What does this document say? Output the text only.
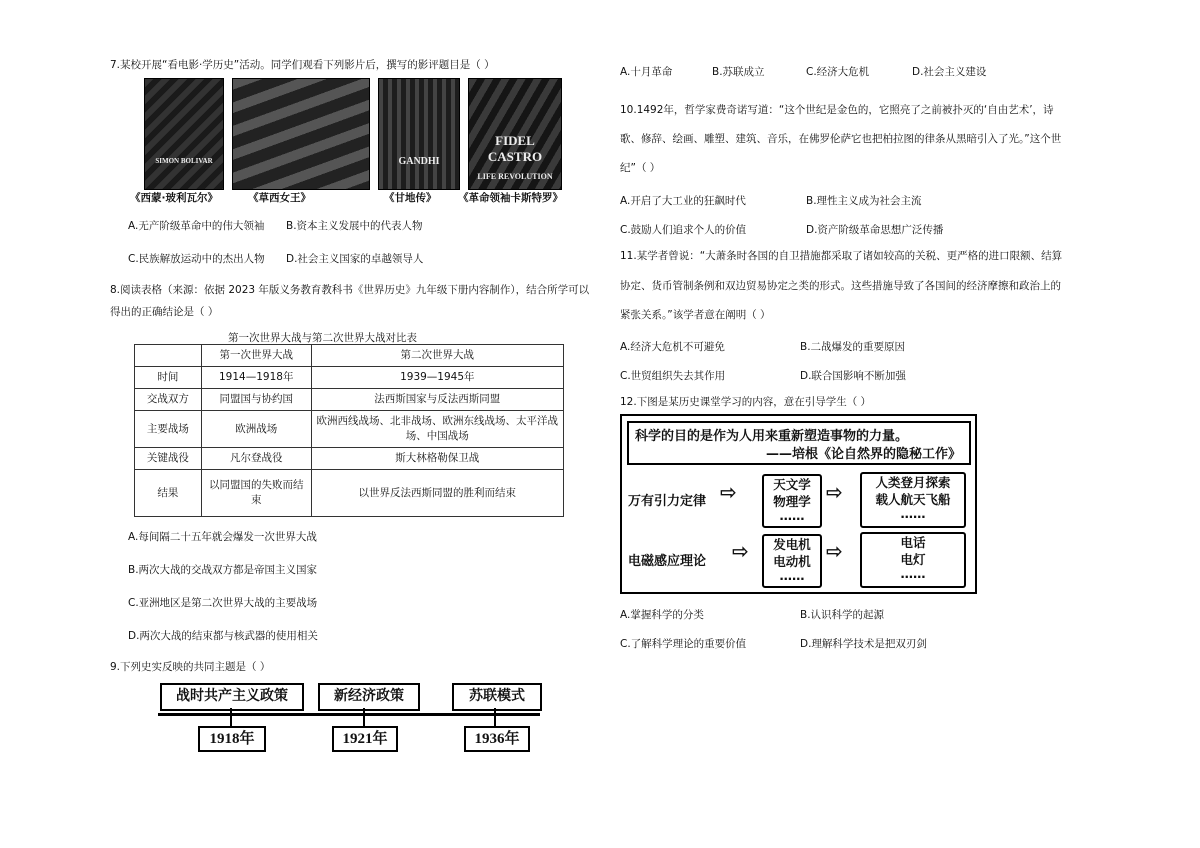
7.某校开展“看电影·学历史”活动。同学们观看下列影片后，撰写的影评题目是（ ）
SIMON BOLIVAR	GANDHI
FIDEL CASTRO
LIFE REVOLUTION
《西蒙·玻利瓦尔》	《草西女王》	《甘地传》 《革命领袖卡斯特罗》
A.无产阶级革命中的伟大领袖 B.资本主义发展中的代表人物
C.民族解放运动中的杰出人物 D.社会主义国家的卓越领导人
8.阅读表格（来源：依据 2023 年版义务教育教科书《世界历史》九年级下册内容制作），结合所学可以
得出的正确结论是（ ）
第一次世界大战与第二次世界大战对比表
	第一次世界大战	第二次世界大战
时间	1914—1918年	1939—1945年
交战双方	同盟国与协约国	法西斯国家与反法西斯同盟
主要战场	欧洲战场	欧洲西线战场、北非战场、欧洲东线战场、太平洋战场、中国战场
关键战役	凡尔登战役	斯大林格勒保卫战
结果	以同盟国的失败而结束	以世界反法西斯同盟的胜利而结束
A.每间隔二十五年就会爆发一次世界大战
B.两次大战的交战双方都是帝国主义国家
C.亚洲地区是第二次世界大战的主要战场
D.两次大战的结束都与核武器的使用相关
9.下列史实反映的共同主题是（ ）
战时共产主义政策	新经济政策	苏联模式
1918年	1921年	1936年
A.十月革命	B.苏联成立	C.经济大危机	D.社会主义建设
10.1492年，哲学家费奇诺写道：“这个世纪是金色的，它照亮了之前被扑灭的‘自由艺术’，诗
歌、修辞、绘画、雕塑、建筑、音乐，在佛罗伦萨它也把柏拉图的律条从黑暗引入了光。”这个世
纪”（ ）
A.开启了大工业的狂飙时代	B.理性主义成为社会主流
C.鼓励人们追求个人的价值	D.资产阶级革命思想广泛传播
11.某学者曾说：“大萧条时各国的自卫措施都采取了诸如较高的关税、更严格的进口限额、结算
协定、货币管制条例和双边贸易协定之类的形式。这些措施导致了各国间的经济摩擦和政治上的
紧张关系。”该学者意在阐明（ ）
A.经济大危机不可避免	B.二战爆发的重要原因
C.世贸组织失去其作用	D.联合国影响不断加强
12.下图是某历史课堂学习的内容，意在引导学生（ ）
科学的目的是作为人用来重新塑造事物的力量。
——培根《论自然界的隐秘工作》
万有引力定律 ⇨	天文学
物理学
……
⇨	人类登月探索
载人航天飞船
……
电磁感应理论 ⇨	发电机
电动机
……
⇨	电话
电灯
……
A.掌握科学的分类	B.认识科学的起源
C.了解科学理论的重要价值	D.理解科学技术是把双刃剑
